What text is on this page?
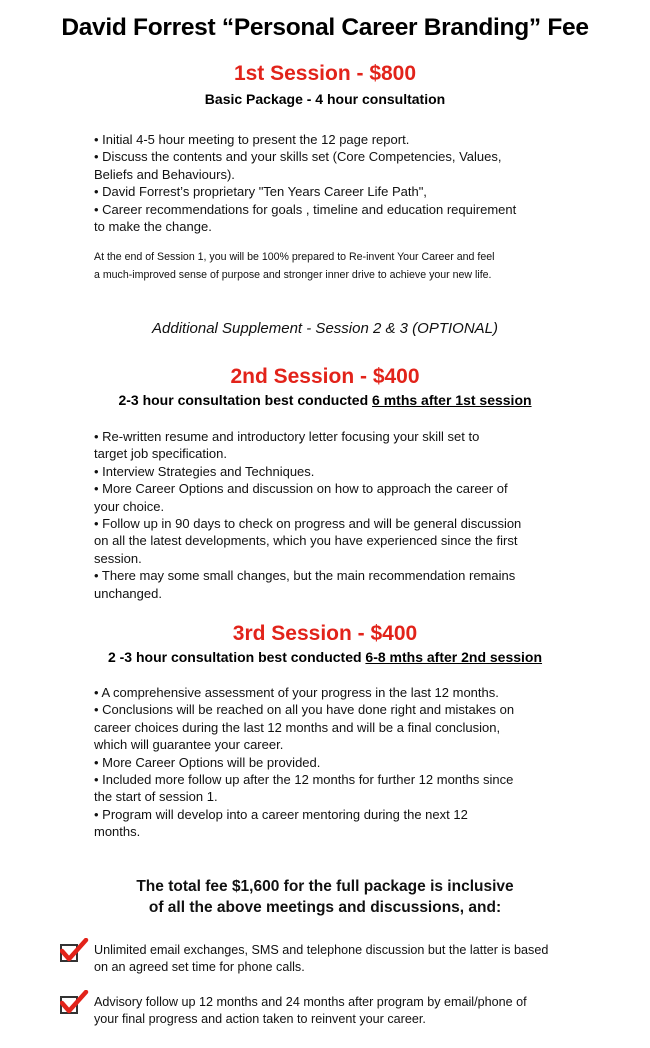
David Forrest “Personal Career Branding” Fee
1st Session - $800
Basic Package - 4 hour consultation
• Initial 4-5 hour meeting to present the 12 page report.
• Discuss the contents and your skills set (Core Competencies, Values,
Beliefs and Behaviours).
• David Forrest’s proprietary "Ten Years Career Life Path",
• Career recommendations for goals , timeline and education requirement
to make the change.
At the end of Session 1, you will be 100% prepared to Re-invent Your Career and feel
a much-improved sense of purpose and stronger inner drive to achieve your new life.
Additional Supplement - Session 2 & 3 (OPTIONAL)
2nd Session - $400
2-3 hour consultation best conducted 6 mths after 1st session
• Re-written resume and introductory letter focusing your skill set to
target job specification.
• Interview Strategies and Techniques.
• More Career Options and discussion on how to approach the career of
your choice.
• Follow up in 90 days to check on progress and will be general discussion
on all the latest developments, which you have experienced since the first
session.
• There may some small changes, but the main recommendation remains
unchanged.
3rd Session - $400
2 -3 hour consultation best conducted 6-8 mths after 2nd session
• A comprehensive assessment of your progress in the last 12 months.
• Conclusions will be reached on all you have done right and mistakes on
career choices during the last 12 months and will be a final conclusion,
which will guarantee your career.
• More Career Options will be provided.
• Included more follow up after the 12 months for further 12 months since
the start of session 1.
• Program will develop into a career mentoring during the next 12
months.
The total fee $1,600 for the full package is inclusive
of all the above meetings and discussions, and:
Unlimited email exchanges, SMS and telephone discussion but the latter is based
on an agreed set time for phone calls.
Advisory follow up 12 months and 24 months after program by email/phone of
your final progress and action taken to reinvent your career.
